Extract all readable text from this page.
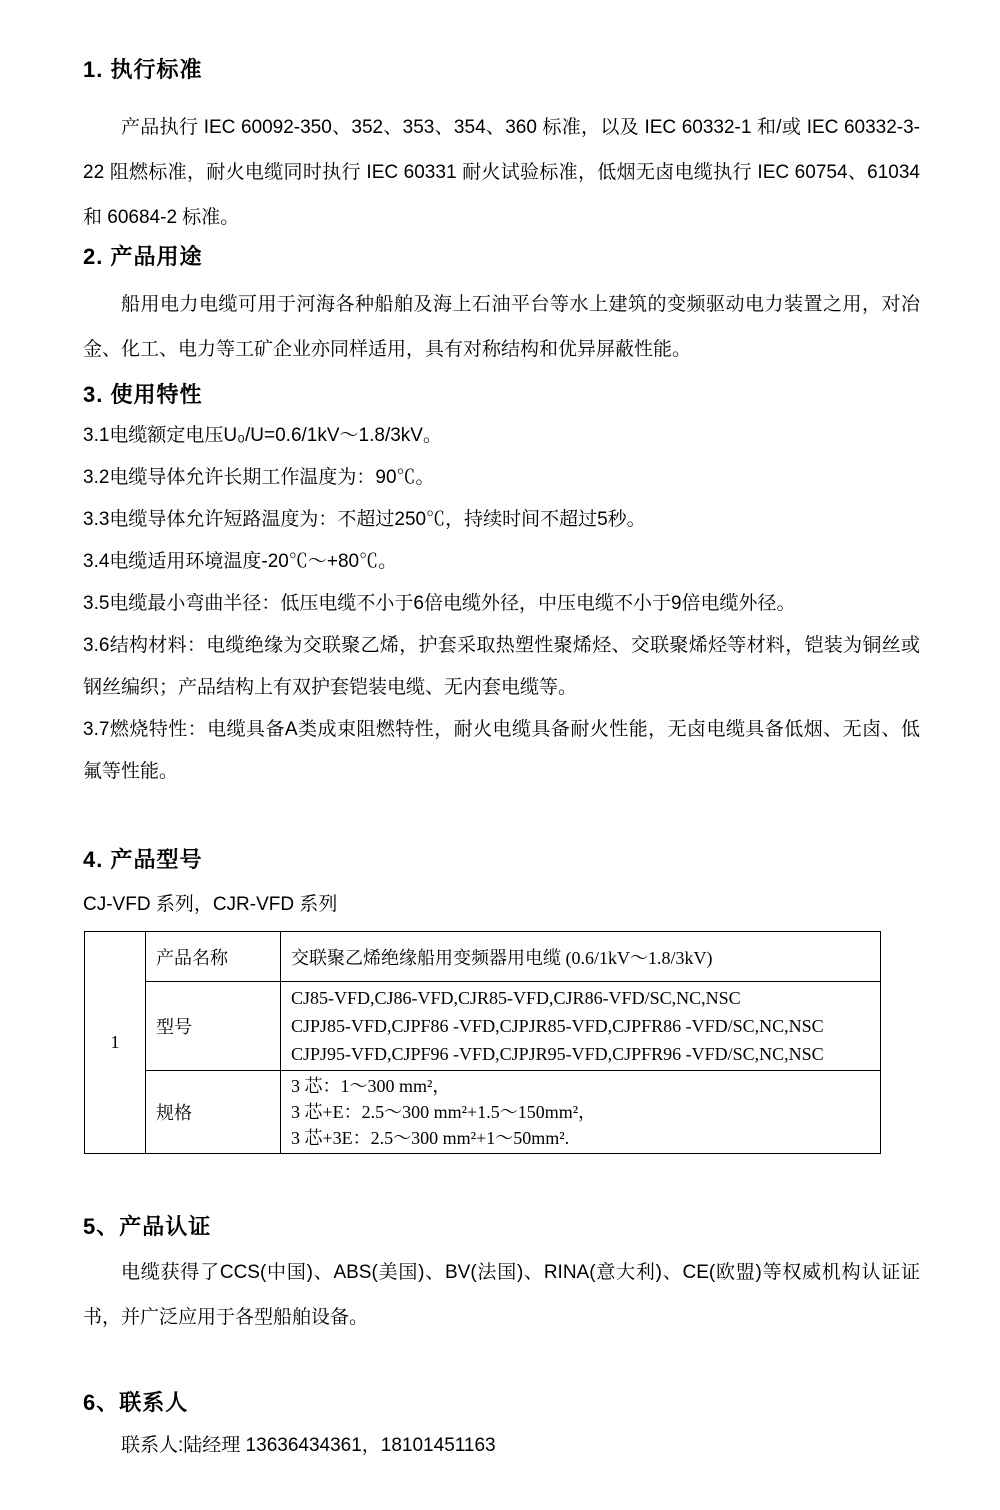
1. 执行标准

产品执行 IEC 60092-350、352、353、354、360 标准，以及 IEC 60332-1 和/或 IEC 60332-3-22 阻燃标准，耐火电缆同时执行 IEC 60331 耐火试验标准，低烟无卤电缆执行 IEC 60754、61034 和 60684-2 标准。

2. 产品用途

船用电力电缆可用于河海各种船舶及海上石油平台等水上建筑的变频驱动电力装置之用，对冶金、化工、电力等工矿企业亦同样适用，具有对称结构和优异屏蔽性能。

3. 使用特性

3.1电缆额定电压U₀/U=0.6/1kV～1.8/3kV。

3.2电缆导体允许长期工作温度为：90℃。

3.3电缆导体允许短路温度为：不超过250℃，持续时间不超过5秒。

3.4电缆适用环境温度-20℃～+80℃。

3.5电缆最小弯曲半径：低压电缆不小于6倍电缆外径，中压电缆不小于9倍电缆外径。

3.6结构材料：电缆绝缘为交联聚乙烯，护套采取热塑性聚烯烃、交联聚烯烃等材料，铠装为铜丝或钢丝编织；产品结构上有双护套铠装电缆、无内套电缆等。

3.7燃烧特性：电缆具备A类成束阻燃特性，耐火电缆具备耐火性能，无卤电缆具备低烟、无卤、低氟等性能。

4. 产品型号

CJ-VFD 系列，CJR-VFD 系列

1	产品名称	交联聚乙烯绝缘船用变频器用电缆 (0.6/1kV～1.8/3kV)
	型号	CJ85-VFD,CJ86-VFD,CJR85-VFD,CJR86-VFD/SC,NC,NSC
CJPJ85-VFD,CJPF86 -VFD,CJPJR85-VFD,CJPFR86 -VFD/SC,NC,NSC
CJPJ95-VFD,CJPF96 -VFD,CJPJR95-VFD,CJPFR96 -VFD/SC,NC,NSC

	规格	3 芯：1～300 mm²，
3 芯+E：2.5～300 mm²+1.5～150mm²，
3 芯+3E：2.5～300 mm²+1～50mm².
5、产品认证

电缆获得了CCS(中国)、ABS(美国)、BV(法国)、RINA(意大利)、CE(欧盟)等权威机构认证证书，并广泛应用于各型船舶设备。

6、联系人

联系人:陆经理 13636434361，18101451163
